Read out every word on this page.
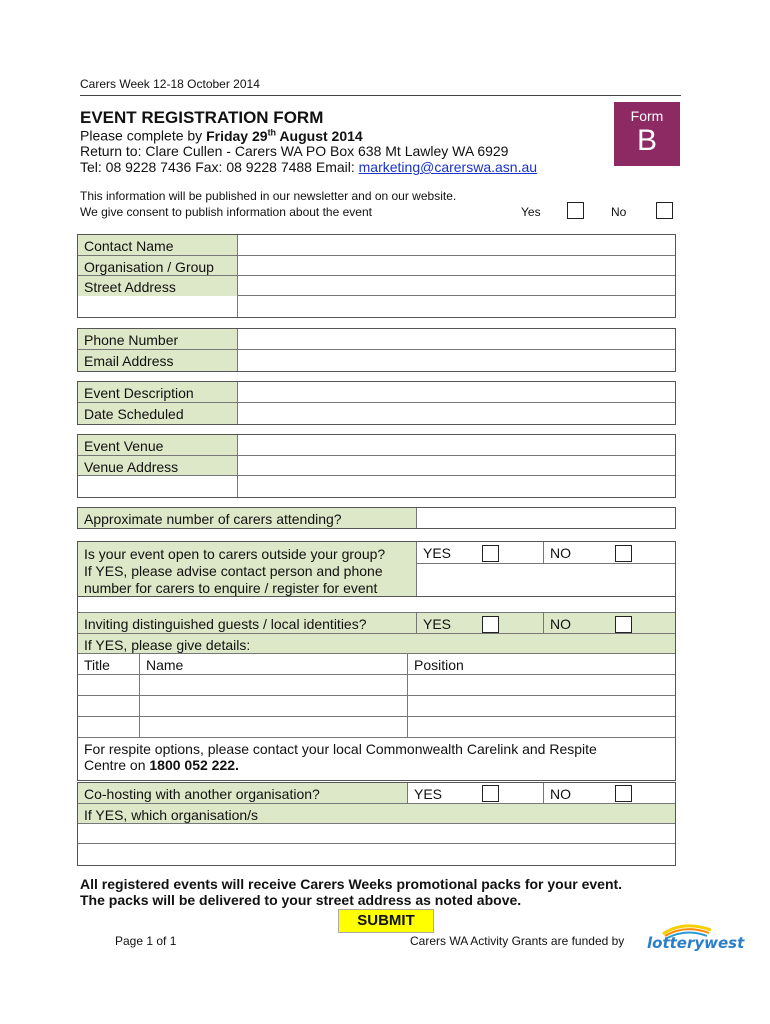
Carers Week 12-18 October 2014
EVENT REGISTRATION FORM
Please complete by Friday 29th August 2014
Return to: Clare Cullen - Carers WA PO Box 638 Mt Lawley WA 6929
Tel: 08 9228 7436 Fax: 08 9228 7488 Email: marketing@carerswa.asn.au
Form
B
This information will be published in our newsletter and on our website.
We give consent to publish information about the event	Yes	No
Contact Name
Organisation / Group
Street Address
Phone Number
Email Address
Event Description
Date Scheduled
Event Venue
Venue Address
Approximate number of carers attending?
Is your event open to carers outside your group?
If YES, please advise contact person and phone
number for carers to enquire / register for event
YES	NO
Inviting distinguished guests / local identities?	YES	NO
If YES, please give details:
Title	Name	Position
For respite options, please contact your local Commonwealth Carelink and Respite
Centre on 1800 052 222.
Co-hosting with another organisation?	YES	NO
If YES, which organisation/s
All registered events will receive Carers Weeks promotional packs for your event.
The packs will be delivered to your street address as noted above.
SUBMIT
Page 1 of 1	Carers WA Activity Grants are funded by lotterywest
